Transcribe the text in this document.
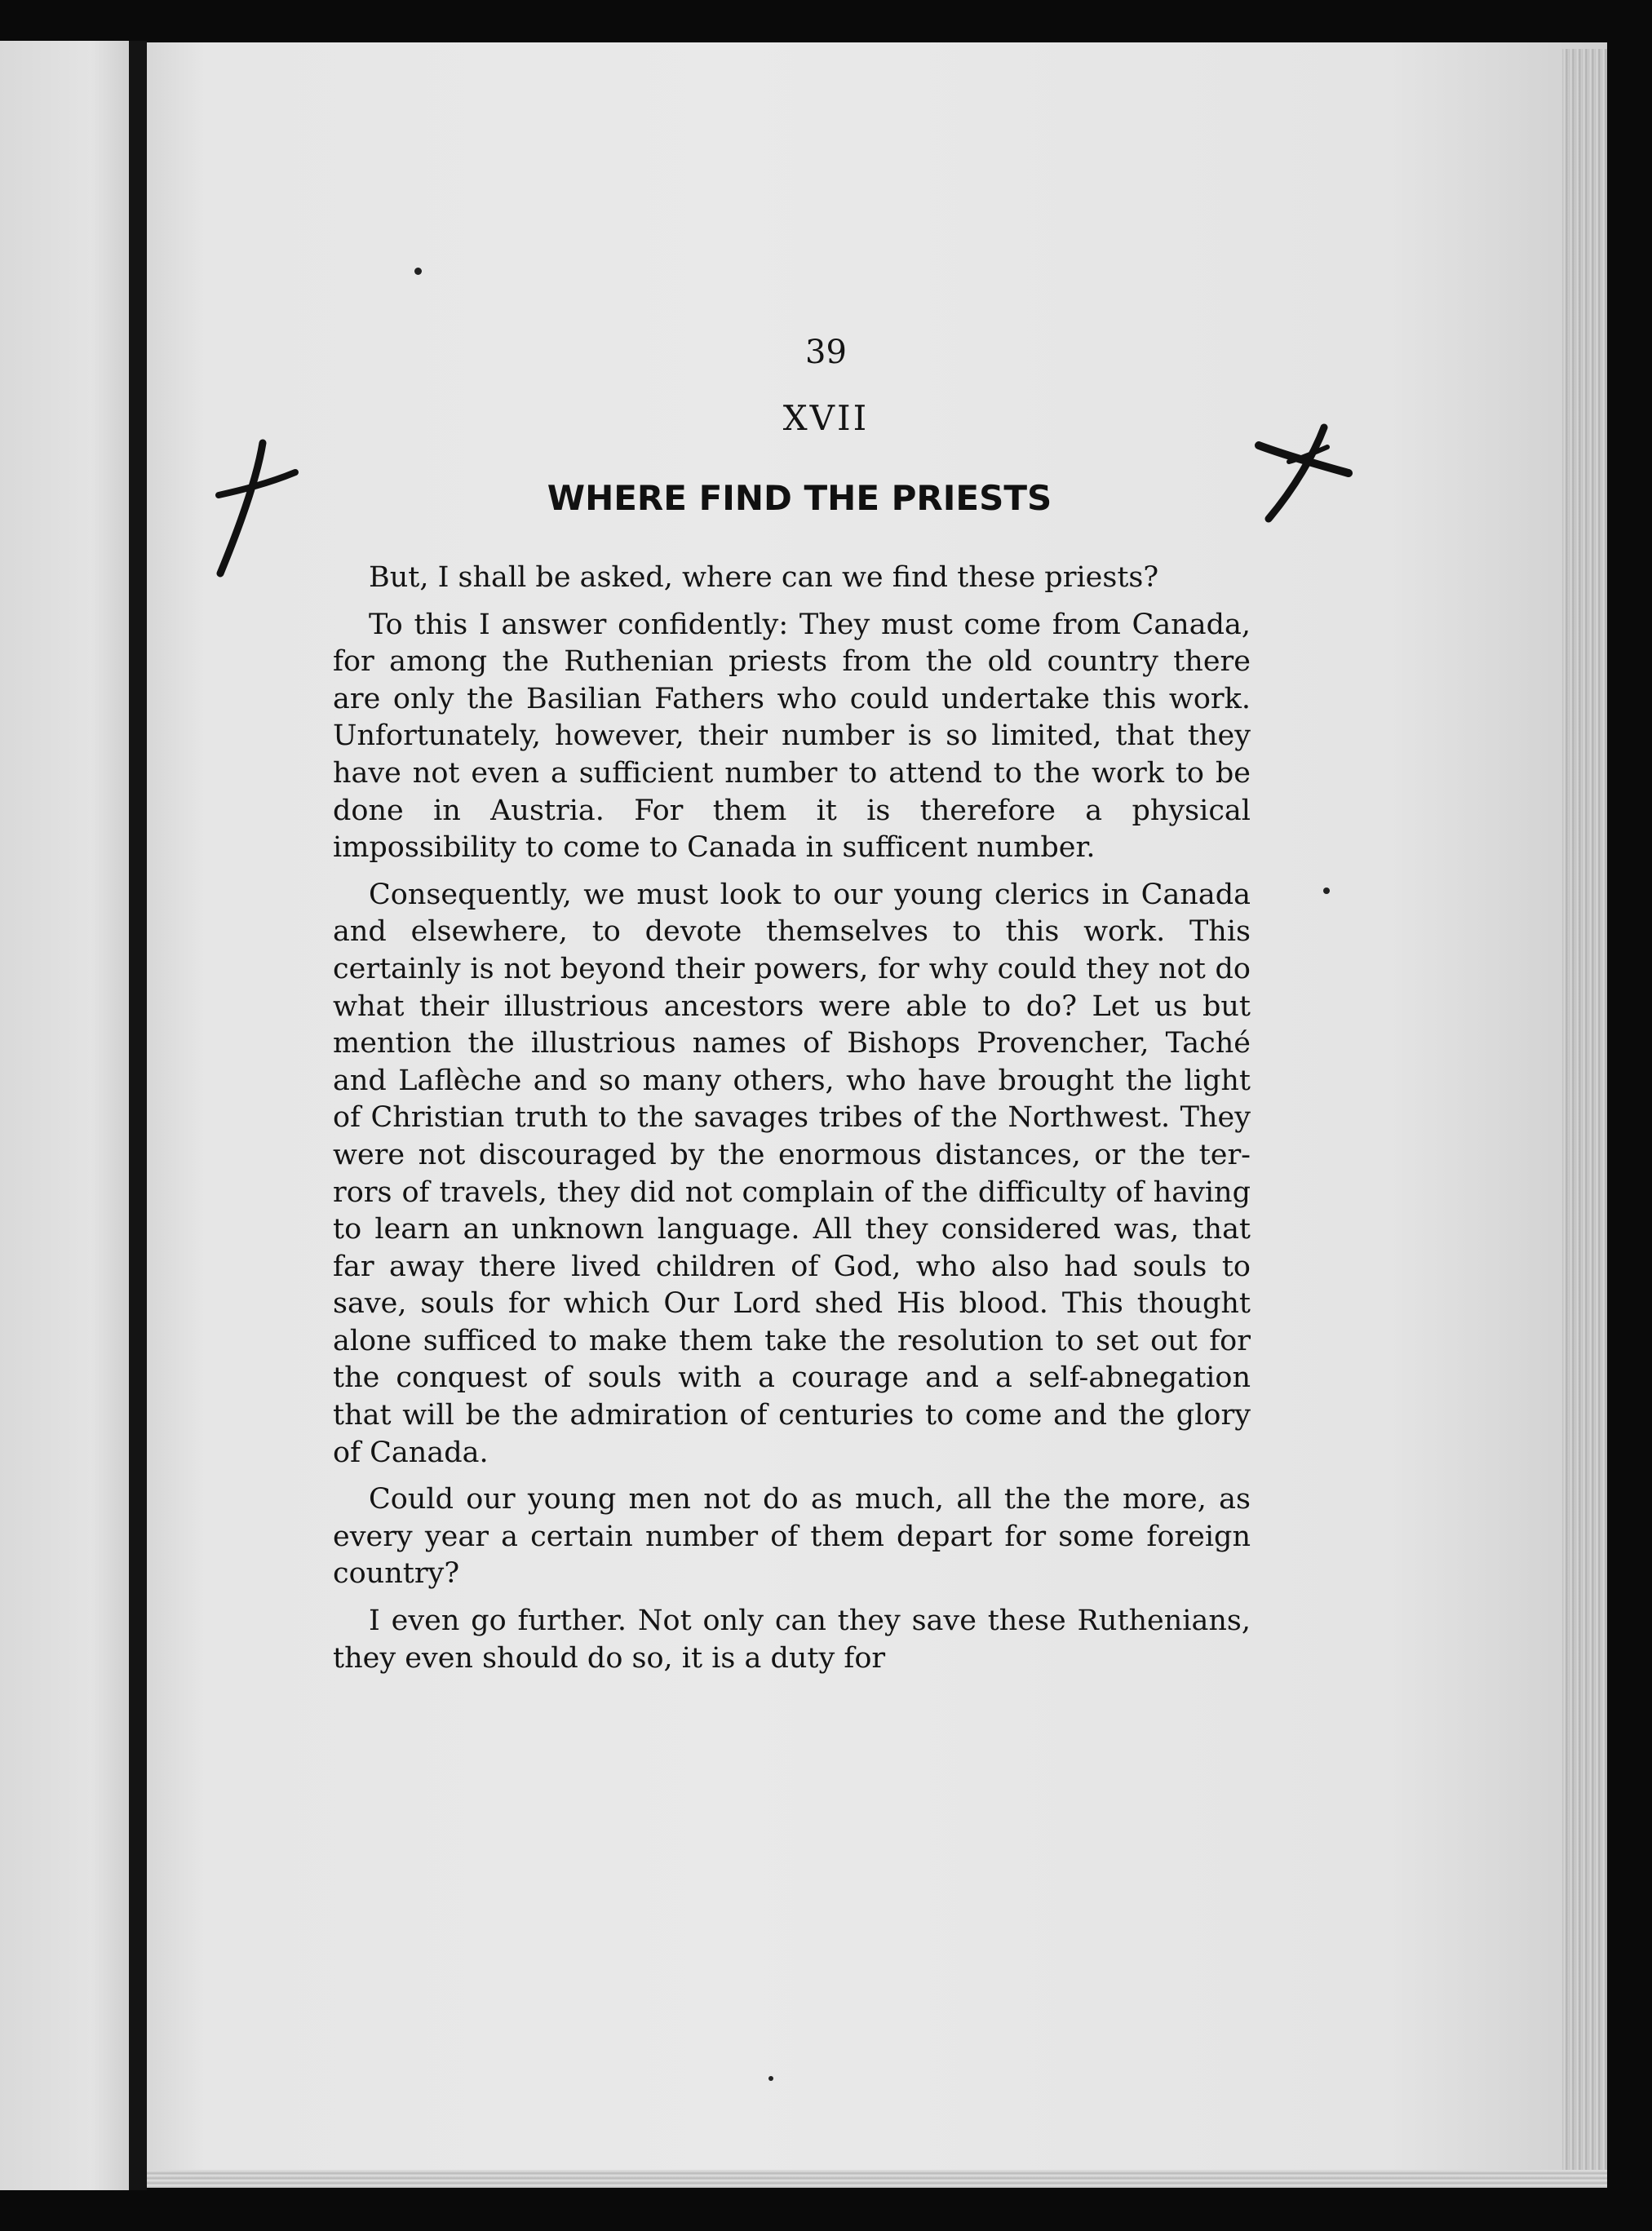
39
XVII
WHERE FIND THE PRIESTS

But, I shall be asked, where can we find these priests?

To this I answer confidently: They must come from Canada, for among the Ruthenian priests from the old country there are only the Basilian Fathers who could undertake this work. Unfortunately, however, their number is so limited, that they have not even a sufficient number to attend to the work to be done in Austria. For them it is therefore a physical impossibility to come to Canada in sufficent number.

Consequently, we must look to our young clerics in Canada and elsewhere, to devote themselves to this work. This certainly is not beyond their powers, for why could they not do what their illustrious ancestors were able to do? Let us but mention the illustrious names of Bishops Provencher, Taché and Laflèche and so many others, who have brought the light of Christian truth to the savages tribes of the Northwest. They were not discouraged by the enormous distances, or the terrors of travels, they did not complain of the difficulty of having to learn an unknown language. All they considered was, that far away there lived children of God, who also had souls to save, souls for which Our Lord shed His blood. This thought alone sufficed to make them take the resolution to set out for the conquest of souls with a courage and a self-abnegation that will be the admiration of centuries to come and the glory of Canada.

Could our young men not do as much, all the the more, as every year a certain number of them depart for some foreign country?

I even go further. Not only can they save these Ruthenians, they even should do so, it is a duty for
